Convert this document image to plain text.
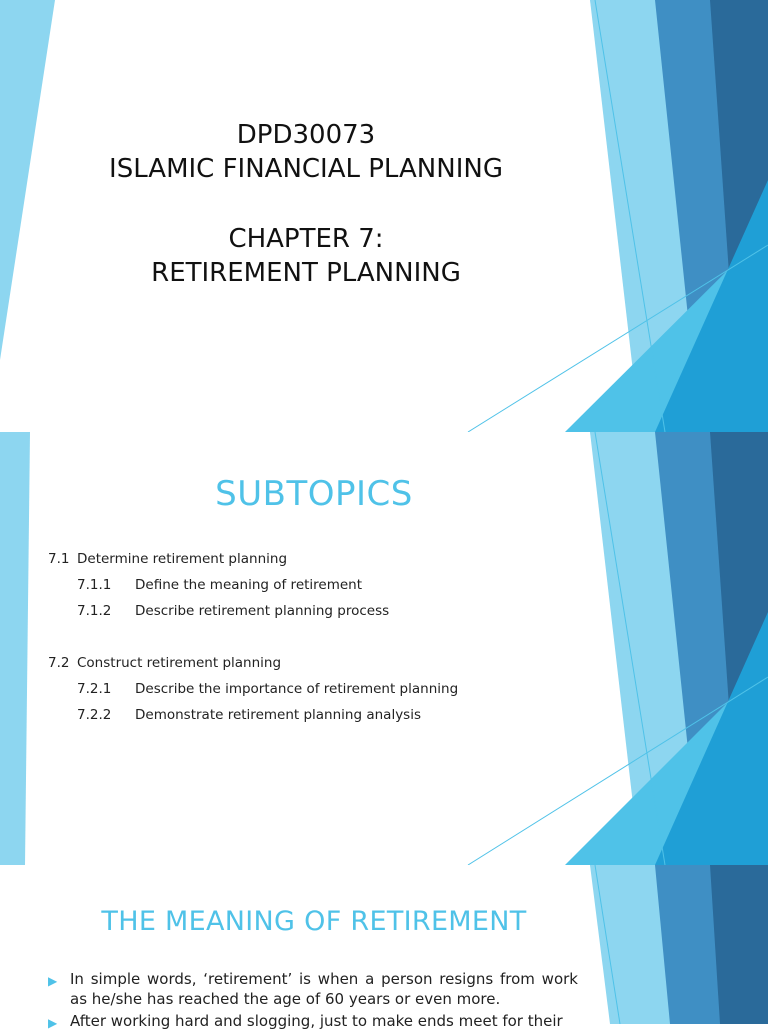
DPD30073
ISLAMIC FINANCIAL PLANNING
CHAPTER 7:
RETIREMENT PLANNING
SUBTOPICS
7.1 Determine retirement planning
7.1.1 Define the meaning of retirement
7.1.2 Describe retirement planning process
7.2 Construct retirement planning
7.2.1 Describe the importance of retirement planning
7.2.2 Demonstrate retirement planning analysis
THE MEANING OF RETIREMENT
▶ In simple words, ‘retirement’ is when a person resigns from work as he/she has reached the age of 60 years or even more.
▶ After working hard and slogging, just to make ends meet for their
